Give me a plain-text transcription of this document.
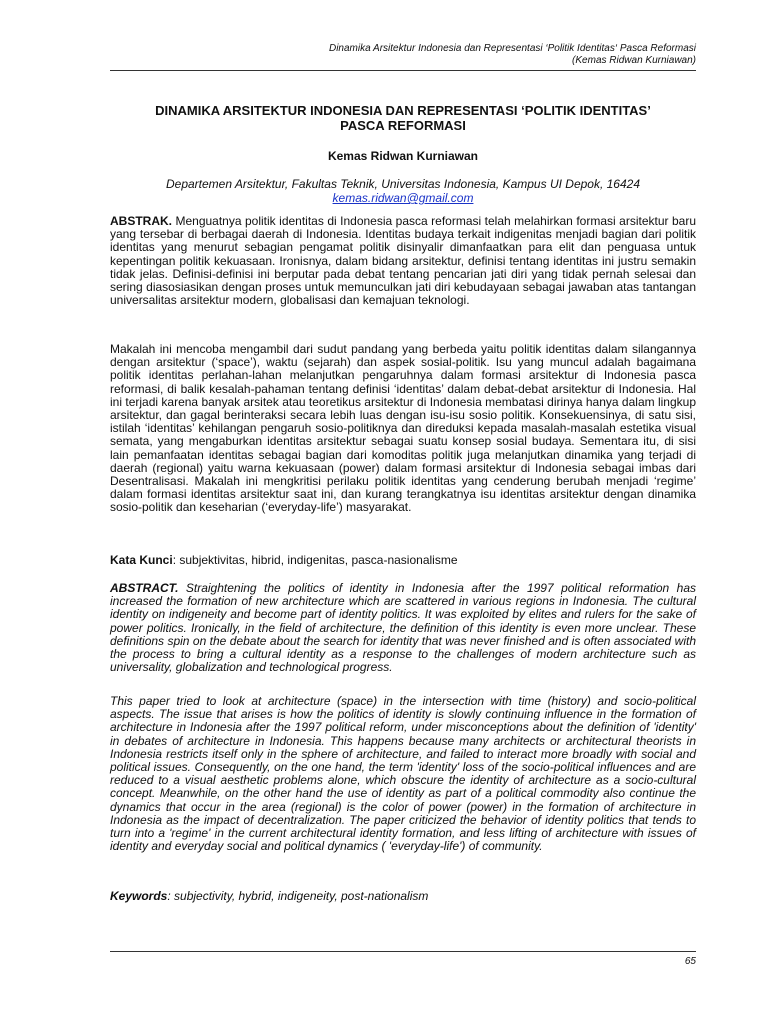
Dinamika Arsitektur Indonesia dan Representasi ‘Politik Identitas‘ Pasca Reformasi
(Kemas Ridwan Kurniawan)
DINAMIKA ARSITEKTUR INDONESIA DAN REPRESENTASI ‘POLITIK IDENTITAS’
PASCA REFORMASI
Kemas Ridwan Kurniawan
Departemen Arsitektur, Fakultas Teknik, Universitas Indonesia, Kampus UI Depok, 16424
kemas.ridwan@gmail.com
ABSTRAK. Menguatnya politik identitas di Indonesia pasca reformasi telah melahirkan formasi arsitektur baru yang tersebar di berbagai daerah di Indonesia. Identitas budaya terkait indigenitas menjadi bagian dari politik identitas yang menurut sebagian pengamat politik disinyalir dimanfaatkan para elit dan penguasa untuk kepentingan politik kekuasaan. Ironisnya, dalam bidang arsitektur, definisi tentang identitas ini justru semakin tidak jelas. Definisi-definisi ini berputar pada debat tentang pencarian jati diri yang tidak pernah selesai dan sering diasosiasikan dengan proses untuk memunculkan jati diri kebudayaan sebagai jawaban atas tantangan universalitas arsitektur modern, globalisasi dan kemajuan teknologi.
Makalah ini mencoba mengambil dari sudut pandang yang berbeda yaitu politik identitas dalam silangannya dengan arsitektur (‘space’), waktu (sejarah) dan aspek sosial-politik. Isu yang muncul adalah bagaimana politik identitas perlahan-lahan melanjutkan pengaruhnya dalam formasi arsitektur di Indonesia pasca reformasi, di balik kesalah-pahaman tentang definisi ‘identitas’ dalam debat-debat arsitektur di Indonesia. Hal ini terjadi karena banyak arsitek atau teoretikus arsitektur di Indonesia membatasi dirinya hanya dalam lingkup arsitektur, dan gagal berinteraksi secara lebih luas dengan isu-isu sosio politik. Konsekuensinya, di satu sisi, istilah ‘identitas’ kehilangan pengaruh sosio-politiknya dan direduksi kepada masalah-masalah estetika visual semata, yang mengaburkan identitas arsitektur sebagai suatu konsep sosial budaya. Sementara itu, di sisi lain pemanfaatan identitas sebagai bagian dari komoditas politik juga melanjutkan dinamika yang terjadi di daerah (regional) yaitu warna kekuasaan (power) dalam formasi arsitektur di Indonesia sebagai imbas dari Desentralisasi. Makalah ini mengkritisi perilaku politik identitas yang cenderung berubah menjadi ‘regime’ dalam formasi identitas arsitektur saat ini, dan kurang terangkatnya isu identitas arsitektur dengan dinamika sosio-politik dan keseharian (‘everyday-life’) masyarakat.
Kata Kunci: subjektivitas, hibrid, indigenitas, pasca-nasionalisme
ABSTRACT. Straightening the politics of identity in Indonesia after the 1997 political reformation has increased the formation of new architecture which are scattered in various regions in Indonesia. The cultural identity on indigeneity and become part of identity politics. It was exploited by elites and rulers for the sake of power politics. Ironically, in the field of architecture, the definition of this identity is even more unclear. These definitions spin on the debate about the search for identity that was never finished and is often associated with the process to bring a cultural identity as a response to the challenges of modern architecture such as universality, globalization and technological progress.
This paper tried to look at architecture (space) in the intersection with time (history) and socio-political aspects. The issue that arises is how the politics of identity is slowly continuing influence in the formation of architecture in Indonesia after the 1997 political reform, under misconceptions about the definition of 'identity' in debates of architecture in Indonesia. This happens because many architects or architectural theorists in Indonesia restricts itself only in the sphere of architecture, and failed to interact more broadly with social and political issues. Consequently, on the one hand, the term 'identity' loss of the socio-political influences and are reduced to a visual aesthetic problems alone, which obscure the identity of architecture as a socio-cultural concept. Meanwhile, on the other hand the use of identity as part of a political commodity also continue the dynamics that occur in the area (regional) is the color of power (power) in the formation of architecture in Indonesia as the impact of decentralization. The paper criticized the behavior of identity politics that tends to turn into a 'regime' in the current architectural identity formation, and less lifting of architecture with issues of identity and everyday social and political dynamics ( 'everyday-life') of community.
Keywords: subjectivity, hybrid, indigeneity, post-nationalism
65
